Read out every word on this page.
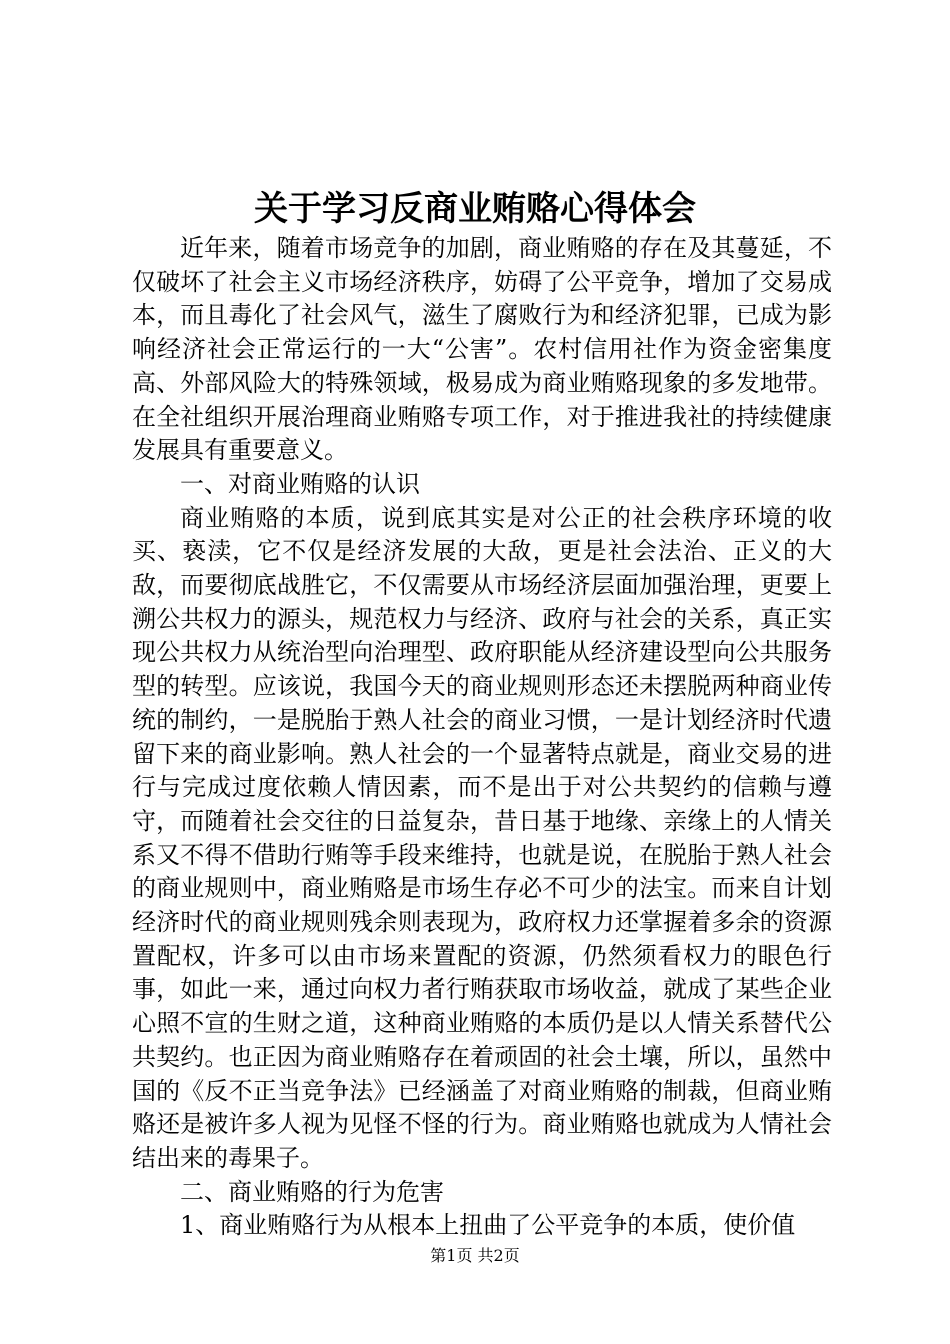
关于学习反商业贿赂心得体会

近年来，随着市场竞争的加剧，商业贿赂的存在及其蔓延，不仅破坏了社会主义市场经济秩序，妨碍了公平竞争，增加了交易成本，而且毒化了社会风气，滋生了腐败行为和经济犯罪，已成为影响经济社会正常运行的一大“公害”。农村信用社作为资金密集度高、外部风险大的特殊领域，极易成为商业贿赂现象的多发地带。在全社组织开展治理商业贿赂专项工作，对于推进我社的持续健康发展具有重要意义。

一、对商业贿赂的认识

商业贿赂的本质，说到底其实是对公正的社会秩序环境的收买、亵渎，它不仅是经济发展的大敌，更是社会法治、正义的大敌，而要彻底战胜它，不仅需要从市场经济层面加强治理，更要上溯公共权力的源头，规范权力与经济、政府与社会的关系，真正实现公共权力从统治型向治理型、政府职能从经济建设型向公共服务型的转型。应该说，我国今天的商业规则形态还未摆脱两种商业传统的制约，一是脱胎于熟人社会的商业习惯，一是计划经济时代遗留下来的商业影响。熟人社会的一个显著特点就是，商业交易的进行与完成过度依赖人情因素，而不是出于对公共契约的信赖与遵守，而随着社会交往的日益复杂，昔日基于地缘、亲缘上的人情关系又不得不借助行贿等手段来维持，也就是说，在脱胎于熟人社会的商业规则中，商业贿赂是市场生存必不可少的法宝。而来自计划经济时代的商业规则残余则表现为，政府权力还掌握着多余的资源置配权，许多可以由市场来置配的资源，仍然须看权力的眼色行事，如此一来，通过向权力者行贿获取市场收益，就成了某些企业心照不宣的生财之道，这种商业贿赂的本质仍是以人情关系替代公共契约。也正因为商业贿赂存在着顽固的社会土壤，所以，虽然中国的《反不正当竞争法》已经涵盖了对商业贿赂的制裁，但商业贿赂还是被许多人视为见怪不怪的行为。商业贿赂也就成为人情社会结出来的毒果子。

二、商业贿赂的行为危害

1、商业贿赂行为从根本上扭曲了公平竞争的本质，使价值

第1页 共2页
